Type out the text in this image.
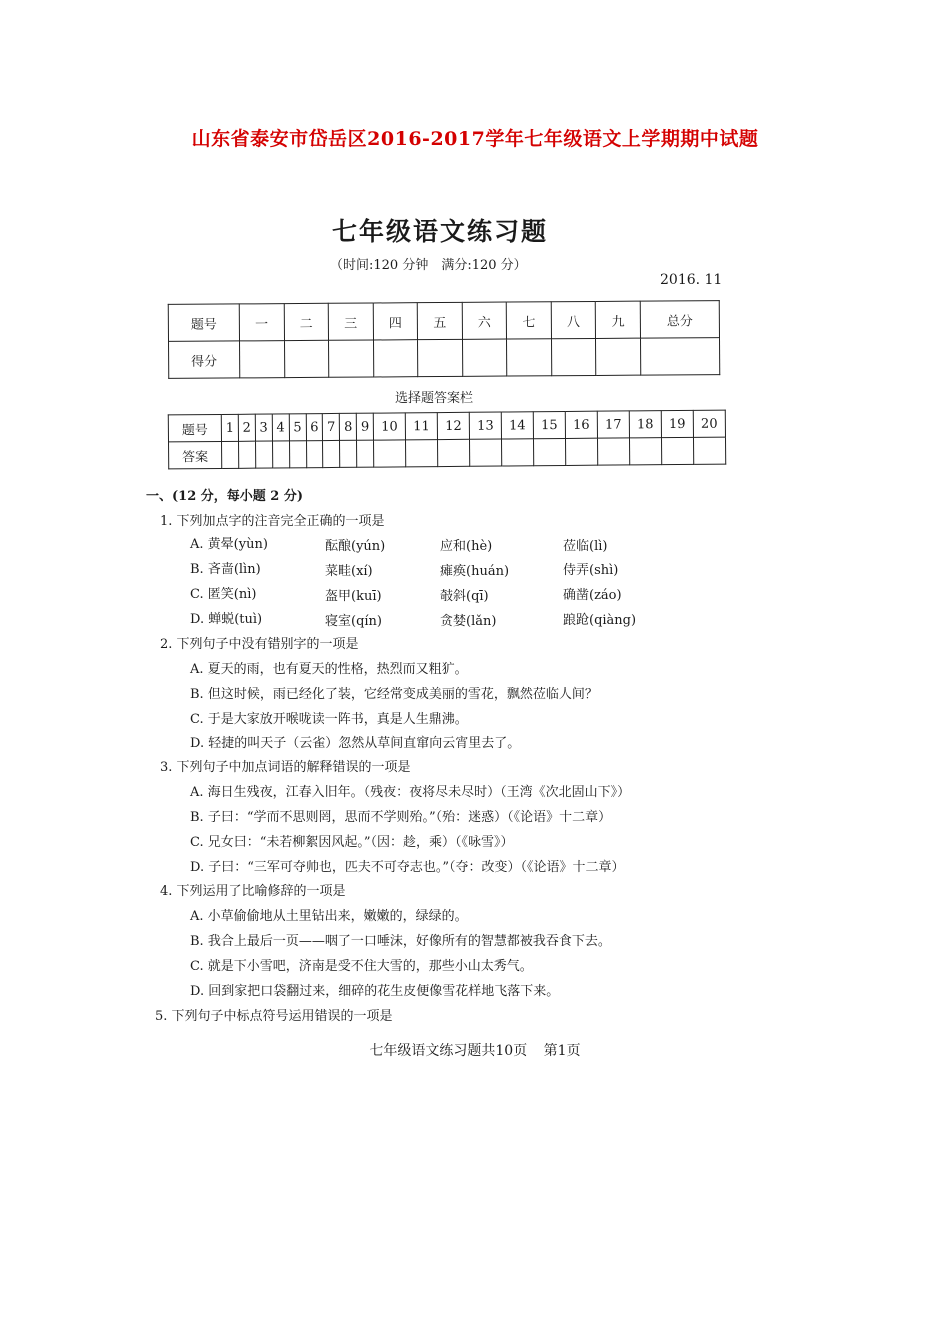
山东省泰安市岱岳区2016-2017学年七年级语文上学期期中试题
七年级语文练习题
（时间:120 分钟　满分:120 分）
2016. 11
题号	一	二	三	四	五	六	七	八	九	总分
得分										
选择题答案栏
题号	1	2	3	4	5	6	7	8	9	10	11	12	13	14	15	16	17	18	19	20
答案																				
一、(12 分，每小题 2 分)
1. 下列加点字的注音完全正确的一项是
A. 黄晕(yùn)	酝酿(yún)	应和(hè)	莅临(lì)
B. 吝啬(lìn)	菜畦(xí)	瘫痪(huán)	侍弄(shì)
C. 匿笑(nì)	盔甲(kuī)	攲斜(qī)	确凿(záo)
D. 蝉蜕(tuì)	寝室(qín)	贪婪(lǎn)	踉跄(qiàng)
2. 下列句子中没有错别字的一项是
A. 夏天的雨，也有夏天的性格，热烈而又粗犷。
B. 但这时候，雨已经化了装，它经常变成美丽的雪花，飘然莅临人间？
C. 于是大家放开喉咙读一阵书，真是人生鼎沸。
D. 轻捷的叫天子（云雀）忽然从草间直窜向云宵里去了。
3. 下列句子中加点词语的解释错误的一项是
A. 海日生残夜，江春入旧年。（残夜：夜将尽未尽时）（王湾《次北固山下》）
B. 子曰：“学而不思则罔，思而不学则殆。”（殆：迷惑）（《论语》十二章）
C. 兄女曰：“未若柳絮因风起。”（因：趁，乘）（《咏雪》）
D. 子曰：“三军可夺帅也，匹夫不可夺志也。”（夺：改变）（《论语》十二章）
4. 下列运用了比喻修辞的一项是
A. 小草偷偷地从土里钻出来，嫩嫩的，绿绿的。
B. 我合上最后一页——咽了一口唾沫，好像所有的智慧都被我吞食下去。
C. 就是下小雪吧，济南是受不住大雪的，那些小山太秀气。
D. 回到家把口袋翻过来，细碎的花生皮便像雪花样地飞落下来。
5. 下列句子中标点符号运用错误的一项是
七年级语文练习题共10页 第1页
